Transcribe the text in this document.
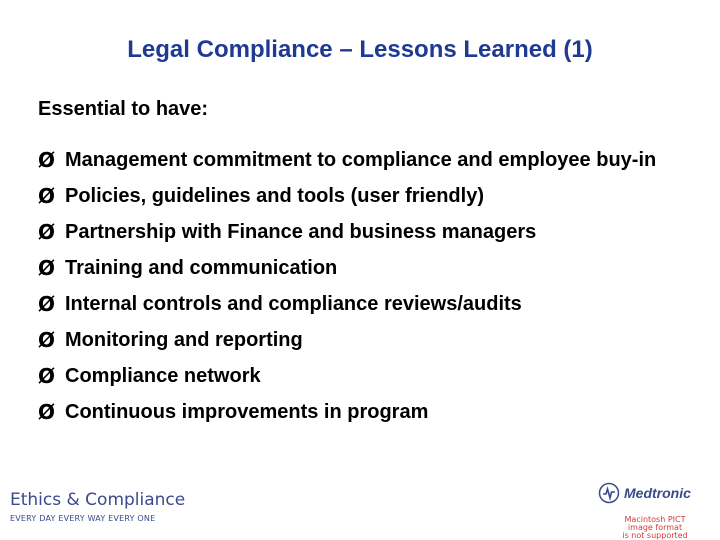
Legal Compliance – Lessons Learned (1)
Essential to have:
Ø Management commitment to compliance and employee buy-in
Ø Policies, guidelines and tools (user friendly)
Ø Partnership with Finance and business managers
Ø Training and communication
Ø Internal controls and compliance reviews/audits
Ø Monitoring and reporting
Ø Compliance network
Ø Continuous improvements in program
Ethics & Compliance
EVERY DAY EVERY WAY EVERY ONE
Medtronic
Macintosh PICT
image format
is not supported
